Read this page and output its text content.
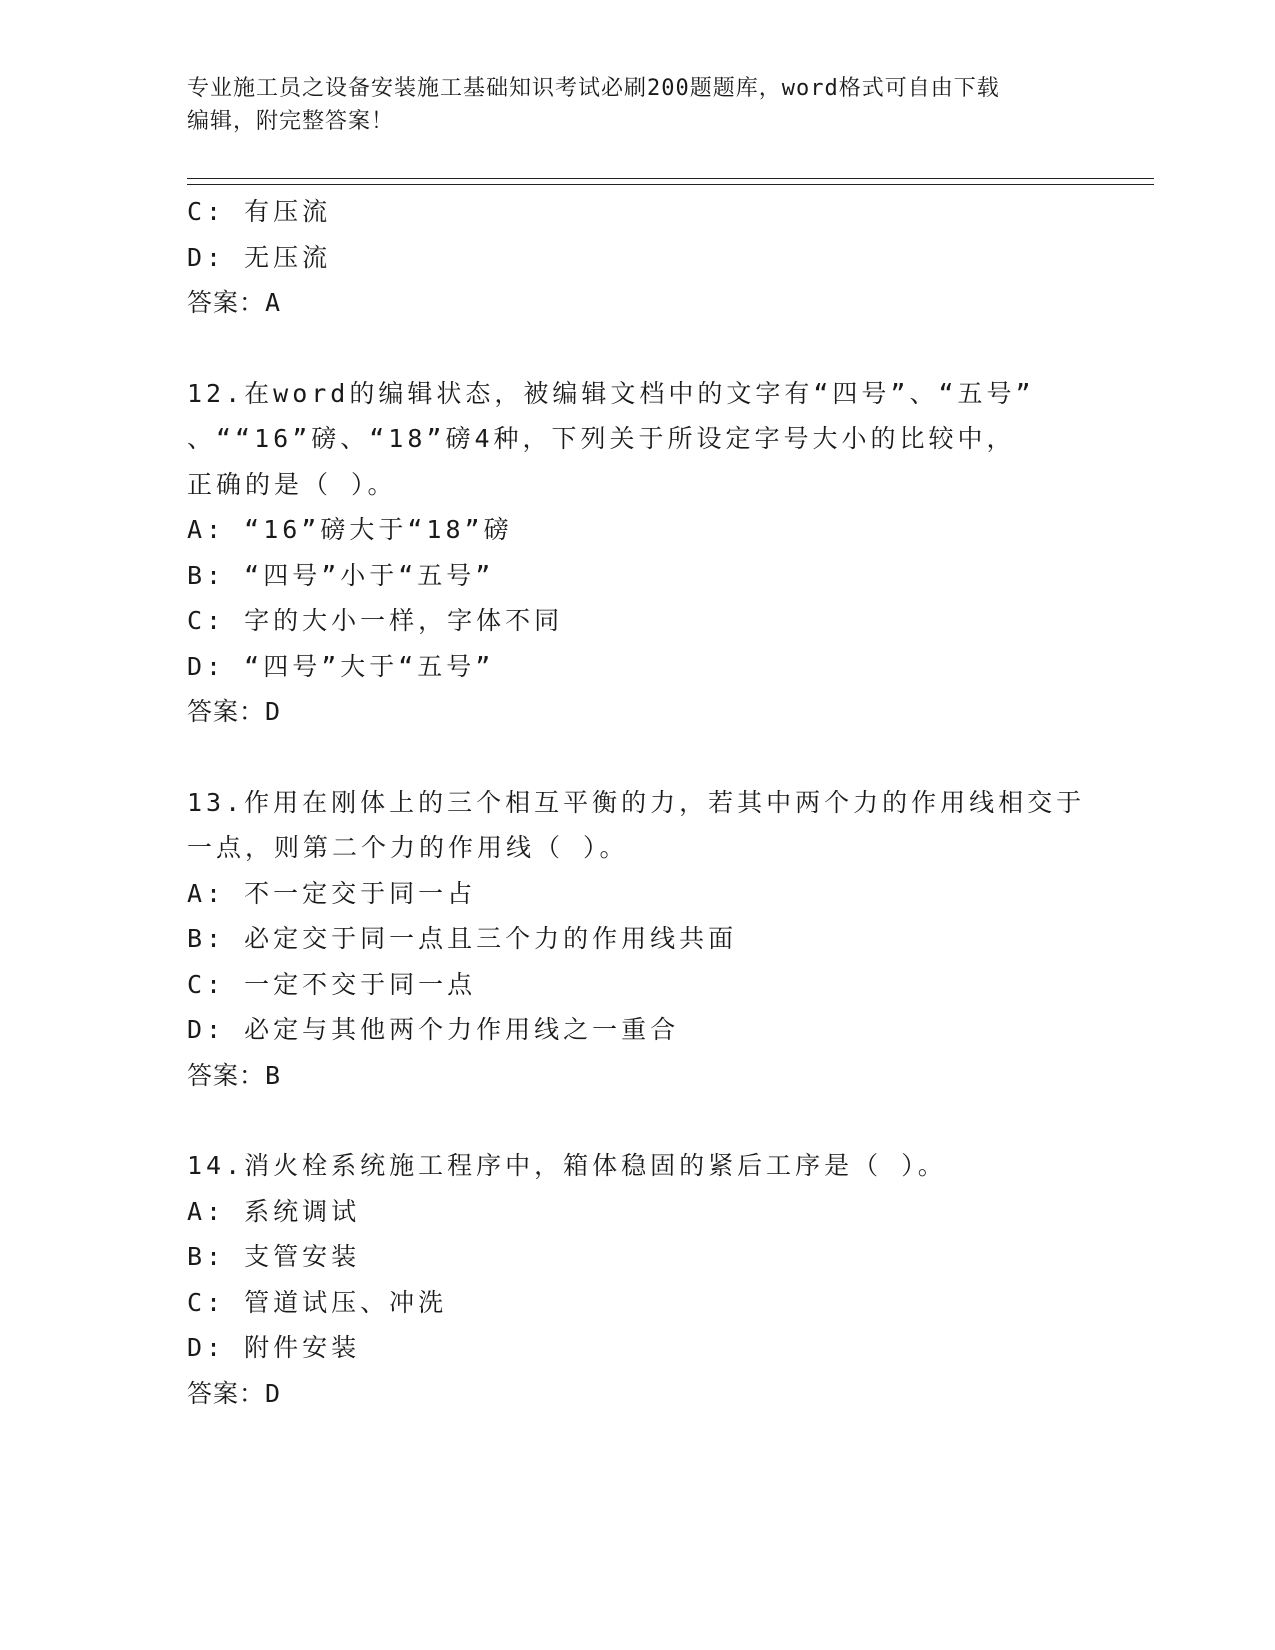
专业施工员之设备安装施工基础知识考试必刷200题题库，word格式可自由下载
编辑，附完整答案！
C: 有压流
D: 无压流
答案：A
12.在word的编辑状态，被编辑文档中的文字有“四号”、“五号”
、““16”磅、“18”磅4种，下列关于所设定字号大小的比较中，
正确的是（ ）。
A: “16”磅大于“18”磅
B: “四号”小于“五号”
C: 字的大小一样，字体不同
D: “四号”大于“五号”
答案：D
13.作用在刚体上的三个相互平衡的力，若其中两个力的作用线相交于
一点，则第二个力的作用线（ ）。
A: 不一定交于同一占
B: 必定交于同一点且三个力的作用线共面
C: 一定不交于同一点
D: 必定与其他两个力作用线之一重合
答案：B
14.消火栓系统施工程序中，箱体稳固的紧后工序是（ ）。
A: 系统调试
B: 支管安装
C: 管道试压、冲洗
D: 附件安装
答案：D
